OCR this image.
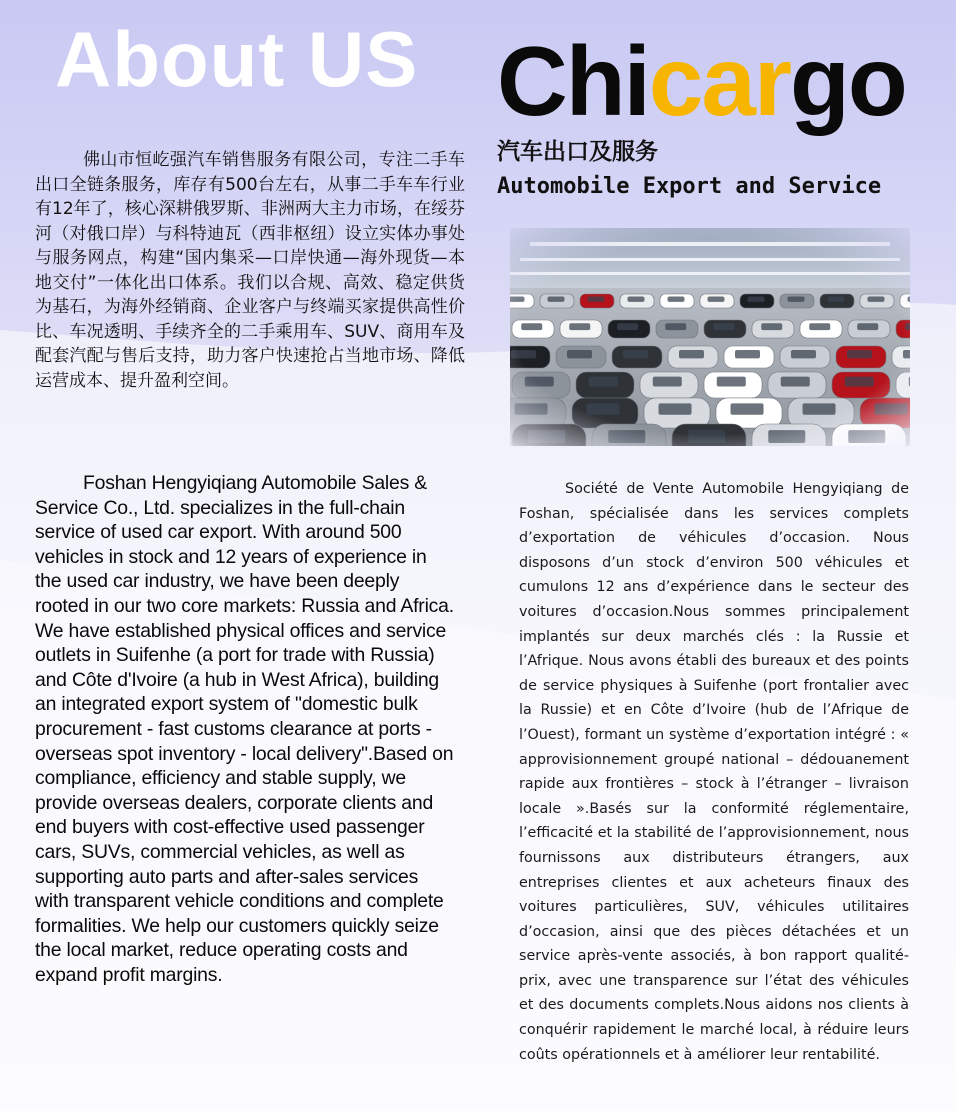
About US Chicargo
汽车出口及服务
Automobile Export and Service

佛山市恒屹强汽车销售服务有限公司，专注二手车出口全链条服务，库存有500台左右，从事二手车车行业有12年了，核心深耕俄罗斯、非洲两大主力市场，在绥芬河（对俄口岸）与科特迪瓦（西非枢纽）设立实体办事处与服务网点，构建“国内集采—口岸快通—海外现货—本地交付”一体化出口体系。我们以合规、高效、稳定供货为基石，为海外经销商、企业客户与终端买家提供高性价比、车况透明、手续齐全的二手乘用车、SUV、商用车及配套汽配与售后支持，助力客户快速抢占当地市场、降低运营成本、提升盈利空间。

Foshan Hengyiqiang Automobile Sales & Service Co., Ltd. specializes in the full-chain service of used car export. With around 500 vehicles in stock and 12 years of experience in the used car industry, we have been deeply rooted in our two core markets: Russia and Africa. We have established physical offices and service outlets in Suifenhe (a port for trade with Russia) and Côte d'Ivoire (a hub in West Africa), building an integrated export system of "domestic bulk procurement - fast customs clearance at ports - overseas spot inventory - local delivery".Based on compliance, efficiency and stable supply, we provide overseas dealers, corporate clients and end buyers with cost-effective used passenger cars, SUVs, commercial vehicles, as well as supporting auto parts and after-sales services with transparent vehicle conditions and complete formalities. We help our customers quickly seize the local market, reduce operating costs and expand profit margins.

Société de Vente Automobile Hengyiqiang de Foshan, spécialisée dans les services complets d’exportation de véhicules d’occasion. Nous disposons d’un stock d’environ 500 véhicules et cumulons 12 ans d’expérience dans le secteur des voitures d’occasion.Nous sommes principalement implantés sur deux marchés clés : la Russie et l’Afrique. Nous avons établi des bureaux et des points de service physiques à Suifenhe (port frontalier avec la Russie) et en Côte d’Ivoire (hub de l’Afrique de l’Ouest), formant un système d’exportation intégré : « approvisionnement groupé national – dédouanement rapide aux frontières – stock à l’étranger – livraison locale ».Basés sur la conformité réglementaire, l’efficacité et la stabilité de l’approvisionnement, nous fournissons aux distributeurs étrangers, aux entreprises clientes et aux acheteurs finaux des voitures particulières, SUV, véhicules utilitaires d’occasion, ainsi que des pièces détachées et un service après-vente associés, à bon rapport qualité-prix, avec une transparence sur l’état des véhicules et des documents complets.Nous aidons nos clients à conquérir rapidement le marché local, à réduire leurs coûts opérationnels et à améliorer leur rentabilité.
